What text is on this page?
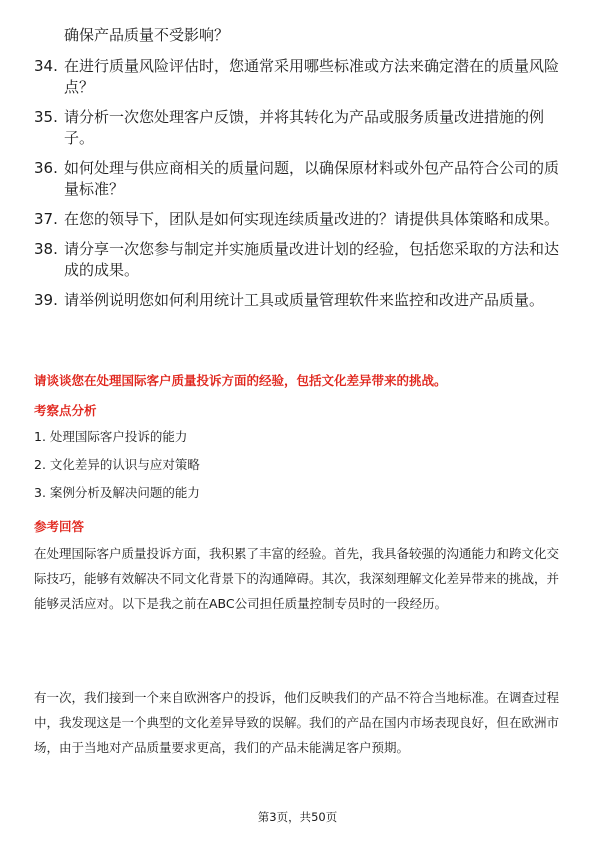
确保产品质量不受影响？
34. 在进行质量风险评估时，您通常采用哪些标准或方法来确定潜在的质量风险点？
35. 请分析一次您处理客户反馈，并将其转化为产品或服务质量改进措施的例子。
36. 如何处理与供应商相关的质量问题，以确保原材料或外包产品符合公司的质量标准？
37. 在您的领导下，团队是如何实现连续质量改进的？请提供具体策略和成果。
38. 请分享一次您参与制定并实施质量改进计划的经验，包括您采取的方法和达成的成果。
39. 请举例说明您如何利用统计工具或质量管理软件来监控和改进产品质量。
请谈谈您在处理国际客户质量投诉方面的经验，包括文化差异带来的挑战。
考察点分析
1. 处理国际客户投诉的能力
2. 文化差异的认识与应对策略
3. 案例分析及解决问题的能力
参考回答

在处理国际客户质量投诉方面，我积累了丰富的经验。首先，我具备较强的沟通能力和跨文化交际技巧，能够有效解决不同文化背景下的沟通障碍。其次，我深刻理解文化差异带来的挑战，并能够灵活应对。以下是我之前在ABC公司担任质量控制专员时的一段经历。

有一次，我们接到一个来自欧洲客户的投诉，他们反映我们的产品不符合当地标准。在调查过程中，我发现这是一个典型的文化差异导致的误解。我们的产品在国内市场表现良好，但在欧洲市场，由于当地对产品质量要求更高，我们的产品未能满足客户预期。

第3页，共50页
